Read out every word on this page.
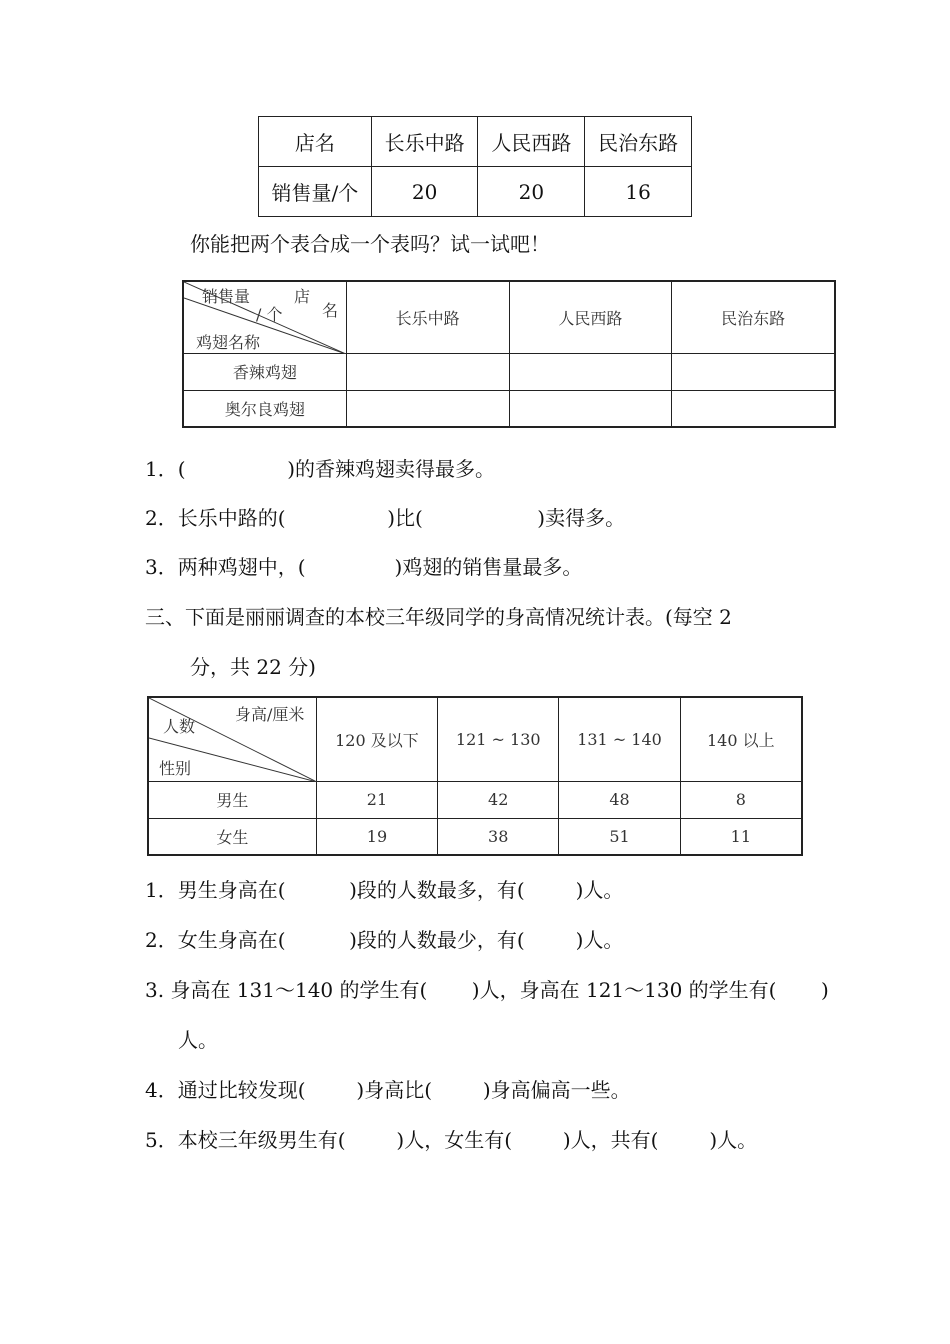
店名	长乐中路	人民西路	民治东路
销售量/个	20	20	16
你能把两个表合成一个表吗？试一试吧！
销售量
/ 个
店
名
鸡翅名称	长乐中路	人民西路	民治东路
香辣鸡翅			
奥尔良鸡翅			
1．(                )的香辣鸡翅卖得最多。
2．长乐中路的(                )比(                  )卖得多。
3．两种鸡翅中，(              )鸡翅的销售量最多。
三、下面是丽丽调查的本校三年级同学的身高情况统计表。(每空 2
分，共 22 分)
身高/厘米
人数
性别	120 及以下	121 ~ 130	131 ~ 140	140 以上
男生	21	42	48	8
女生	19	38	51	11
1．男生身高在(          )段的人数最多，有(        )人。
2．女生身高在(          )段的人数最少，有(        )人。
3. 身高在 131～140 的学生有(       )人，身高在 121～130 的学生有(       )
人。
4．通过比较发现(        )身高比(        )身高偏高一些。
5．本校三年级男生有(        )人，女生有(        )人，共有(        )人。
